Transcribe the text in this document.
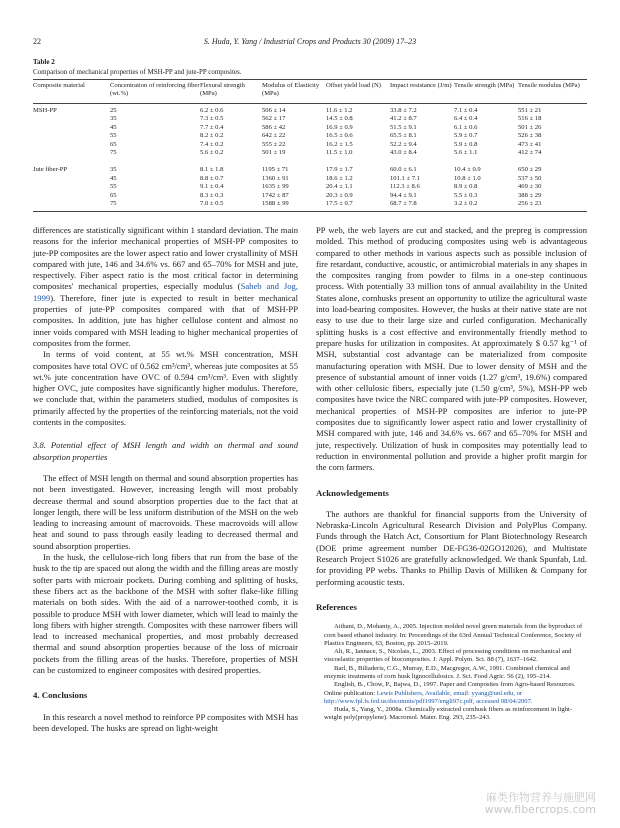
22	S. Huda, Y. Yang / Industrial Crops and Products 30 (2009) 17–23
Table 2
Comparison of mechanical properties of MSH-PP and jute-PP composites.
Composite material	Concentration of reinforcing fiber (wt.%)	Flexural strength (MPa)	Modulus of Elasticity (MPa)	Offset yield load (N)	Impact resistance (J/m)	Tensile strength (MPa)	Tensile modulus (MPa)
MSH-PP	25	6.2 ± 0.6	506 ± 14	11.6 ± 1.2	33.8 ± 7.2	7.1 ± 0.4	551 ± 21
	35	7.3 ± 0.5	562 ± 17	14.5 ± 0.8	41.2 ± 8.7	6.4 ± 0.4	516 ± 18
	45	7.7 ± 0.4	586 ± 42	16.9 ± 0.9	51.5 ± 9.1	6.1 ± 0.6	501 ± 26
	55	8.2 ± 0.2	642 ± 22	16.5 ± 0.6	65.5 ± 8.1	5.9 ± 0.7	526 ± 38
	65	7.4 ± 0.2	555 ± 22	16.2 ± 1.5	52.2 ± 9.4	5.9 ± 0.8	473 ± 41
	75	5.6 ± 0.2	501 ± 19	11.5 ± 1.0	43.0 ± 8.4	5.6 ± 1.1	412 ± 74
Jute fiber-PP	35	8.1 ± 1.8	1195 ± 71	17.9 ± 1.7	60.0 ± 6.1	10.4 ± 0.9	650 ± 29
	45	8.8 ± 0.7	1360 ± 91	18.6 ± 1.2	101.1 ± 7.1	10.8 ± 1.0	537 ± 50
	55	9.1 ± 0.4	1635 ± 99	20.4 ± 1.1	112.3 ± 8.6	8.9 ± 0.8	469 ± 30
	65	8.3 ± 0.3	1742 ± 87	20.3 ± 0.9	94.4 ± 9.1	5.5 ± 0.3	388 ± 29
	75	7.0 ± 0.5	1588 ± 99	17.5 ± 0.7	68.7 ± 7.8	3.2 ± 0.2	256 ± 23

differences are statistically significant within 1 standard deviation. The main reasons for the inferior mechanical properties of MSH-PP composites to jute-PP composites are the lower aspect ratio and lower crystallinity of MSH compared with jute, 146 and 34.6% vs. 667 and 65–70% for MSH and jute, respectively. Fiber aspect ratio is the most critical factor in determining composites' mechanical properties, especially modulus (Saheb and Jog, 1999). Therefore, finer jute is expected to result in better mechanical properties of jute-PP composites compared with that of MSH-PP composites. In addition, jute has higher cellulose content and almost no inner voids compared with MSH leading to higher mechanical properties of composites from the former.

In terms of void content, at 55 wt.% MSH concentration, MSH composites have total OVC of 0.562 cm³/cm³, whereas jute composites at 55 wt.% jute concentration have OVC of 0.594 cm³/cm³. Even with slightly higher OVC, jute composites have significantly higher modulus. Therefore, we conclude that, within the parameters studied, modulus of composites is primarily affected by the properties of the reinforcing materials, not the void contents in the composites.

3.8. Potential effect of MSH length and width on thermal and sound absorption properties

The effect of MSH length on thermal and sound absorption properties has not been investigated. However, increasing length will most probably decrease thermal and sound absorption properties due to the fact that at longer length, there will be less uniform distribution of the MSH on the web leading to increasing amount of macrovoids. These macrovoids will allow heat and sound to pass through easily leading to decreased thermal and sound absorption properties.

In the husk, the cellulose-rich long fibers that run from the base of the husk to the tip are spaced out along the width and the filling areas are mostly softer parts with microair pockets. During combing and splitting of husks, these fibers act as the backbone of the MSH with softer flake-like filling materials on both sides. With the aid of a narrower-toothed comb, it is possible to produce MSH with lower diameter, which will lead to mainly the long fibers with higher strength. Composites with these narrower fibers will lead to increased mechanical properties, and most probably decreased thermal and sound absorption properties because of the loss of microair pockets from the filling areas of the husks. Therefore, properties of MSH can be customized to engineer composites with desired properties.

4. Conclusions

In this research a novel method to reinforce PP composites with MSH has been developed. The husks are spread on light-weight

PP web, the web layers are cut and stacked, and the prepreg is compression molded. This method of producing composites using web is advantageous compared to other methods in various aspects such as possible inclusion of fire retardant, conductive, acoustic, or antimicrobial materials in any shapes in the composites ranging from powder to films in a one-step continuous process. With potentially 33 million tons of annual availability in the United States alone, cornhusks present an opportunity to utilize the agricultural waste into load-bearing composites. However, the husks at their native state are not easy to use due to their large size and curled configuration. Mechanically splitting husks is a cost effective and environmentally friendly method to prepare husks for utilization in composites. At approximately $ 0.57 kg⁻¹ of MSH, substantial cost advantage can be materialized from composite manufacturing operation with MSH. Due to lower density of MSH and the presence of substantial amount of inner voids (1.27 g/cm³, 19.6%) compared with other cellulosic fibers, especially jute (1.50 g/cm³, 5%), MSH-PP web composites have twice the NRC compared with jute-PP composites. However, mechanical properties of MSH-PP composites are inferior to jute-PP composites due to significantly lower aspect ratio and lower crystallinity of MSH compared with jute, 146 and 34.6% vs. 667 and 65–70% for MSH and jute, respectively. Utilization of husk in composites may potentially lead to reduction in environmental pollution and provide a higher profit margin for the corn farmers.

Acknowledgements

The authors are thankful for financial supports from the University of Nebraska-Lincoln Agricultural Research Division and PolyPlus Company. Funds through the Hatch Act, Consortium for Plant Biotechnology Research (DOE prime agreement number DE-FG36-02GO12026), and Multistate Research Project S1026 are gratefully acknowledged. We thank Spunfab, Ltd. for providing PP webs. Thanks to Phillip Davis of Milliken & Company for performing acoustic tests.

References

Aithani, D., Mohanty, A., 2005. Injection molded novel green materials from the byproduct of corn based ethanol industry. In: Proceedings of the 63rd Annual Technical Conference, Society of Plastics Engineers, 63, Boston, pp. 2015–2019.

Ali, R., Iannace, S., Nicolais, L., 2003. Effect of processing conditions on mechanical and viscoelastic properties of biocomposites. J. Appl. Polym. Sci. 88 (7), 1637–1642.

Barl, B., Biliaderis, C.G., Murray, E.D., Macgregor, A.W., 1991. Combined chemical and enzymic treatments of corn husk lignocellulosics. J. Sci. Food Agric. 56 (2), 195–214.

English, B., Chow, P., Bajwa, D., 1997. Paper and Composites from Agro-based Resources. Online publication: Lewis Publishers, Available, email: yyang@unl.edu, or http://www.fpl.fs.fed.us/documnts/pdf1997/engli97c.pdf, accessed 08/04/2007.

Huda, S., Yang, Y., 2008a. Chemically extracted cornhusk fibers as reinforcement in light-weight poly(propylene). Macromol. Mater. Eng. 293, 235–243.

麻类作物营养与施肥网
www.fibercrops.com
